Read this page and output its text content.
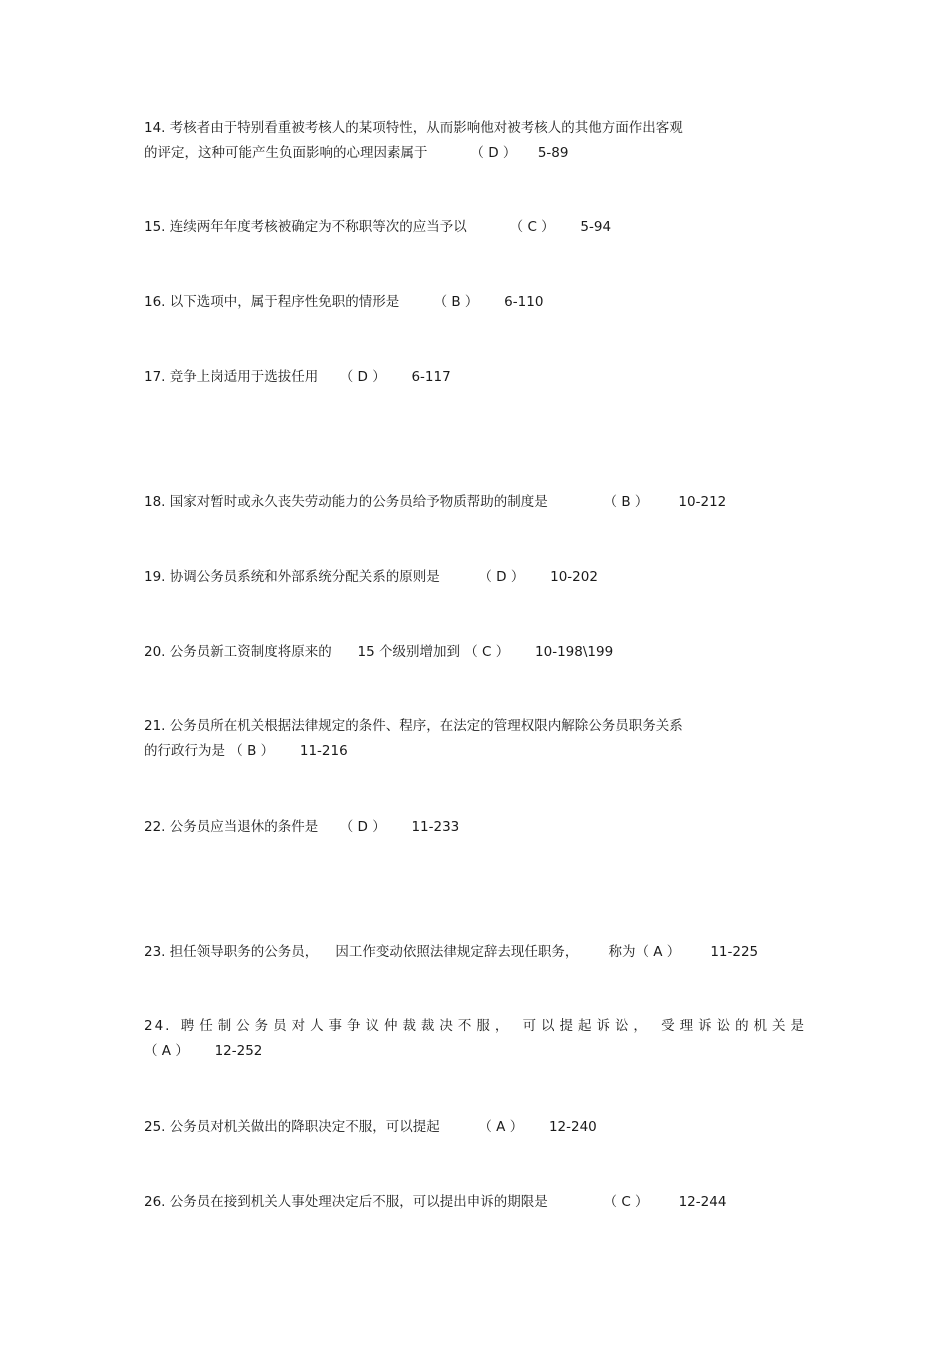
14. 考核者由于特别看重被考核人的某项特性，从而影响他对被考核人的其他方面作出客观
的评定，这种可能产生负面影响的心理因素属于          （ D ）     5-89
15. 连续两年年度考核被确定为不称职等次的应当予以          （ C ）      5-94
16. 以下选项中，属于程序性免职的情形是        （ B ）      6-110
17. 竞争上岗适用于选拔任用     （ D ）      6-117
18. 国家对暂时或永久丧失劳动能力的公务员给予物质帮助的制度是             （ B ）       10-212
19. 协调公务员系统和外部系统分配关系的原则是         （ D ）      10-202
20. 公务员新工资制度将原来的      15 个级别增加到 （ C ）      10-198\199
21. 公务员所在机关根据法律规定的条件、程序，在法定的管理权限内解除公务员职务关系
的行政行为是 （ B ）      11-216
22. 公务员应当退休的条件是     （ D ）      11-233
23. 担任领导职务的公务员，    因工作变动依照法律规定辞去现任职务，       称为（ A ）       11-225
24. 聘任制公务员对人事争议仲裁裁决不服， 可以提起诉讼， 受理诉讼的机关是
（ A ）      12-252
25. 公务员对机关做出的降职决定不服，可以提起         （ A ）      12-240
26. 公务员在接到机关人事处理决定后不服，可以提出申诉的期限是             （ C ）       12-244
